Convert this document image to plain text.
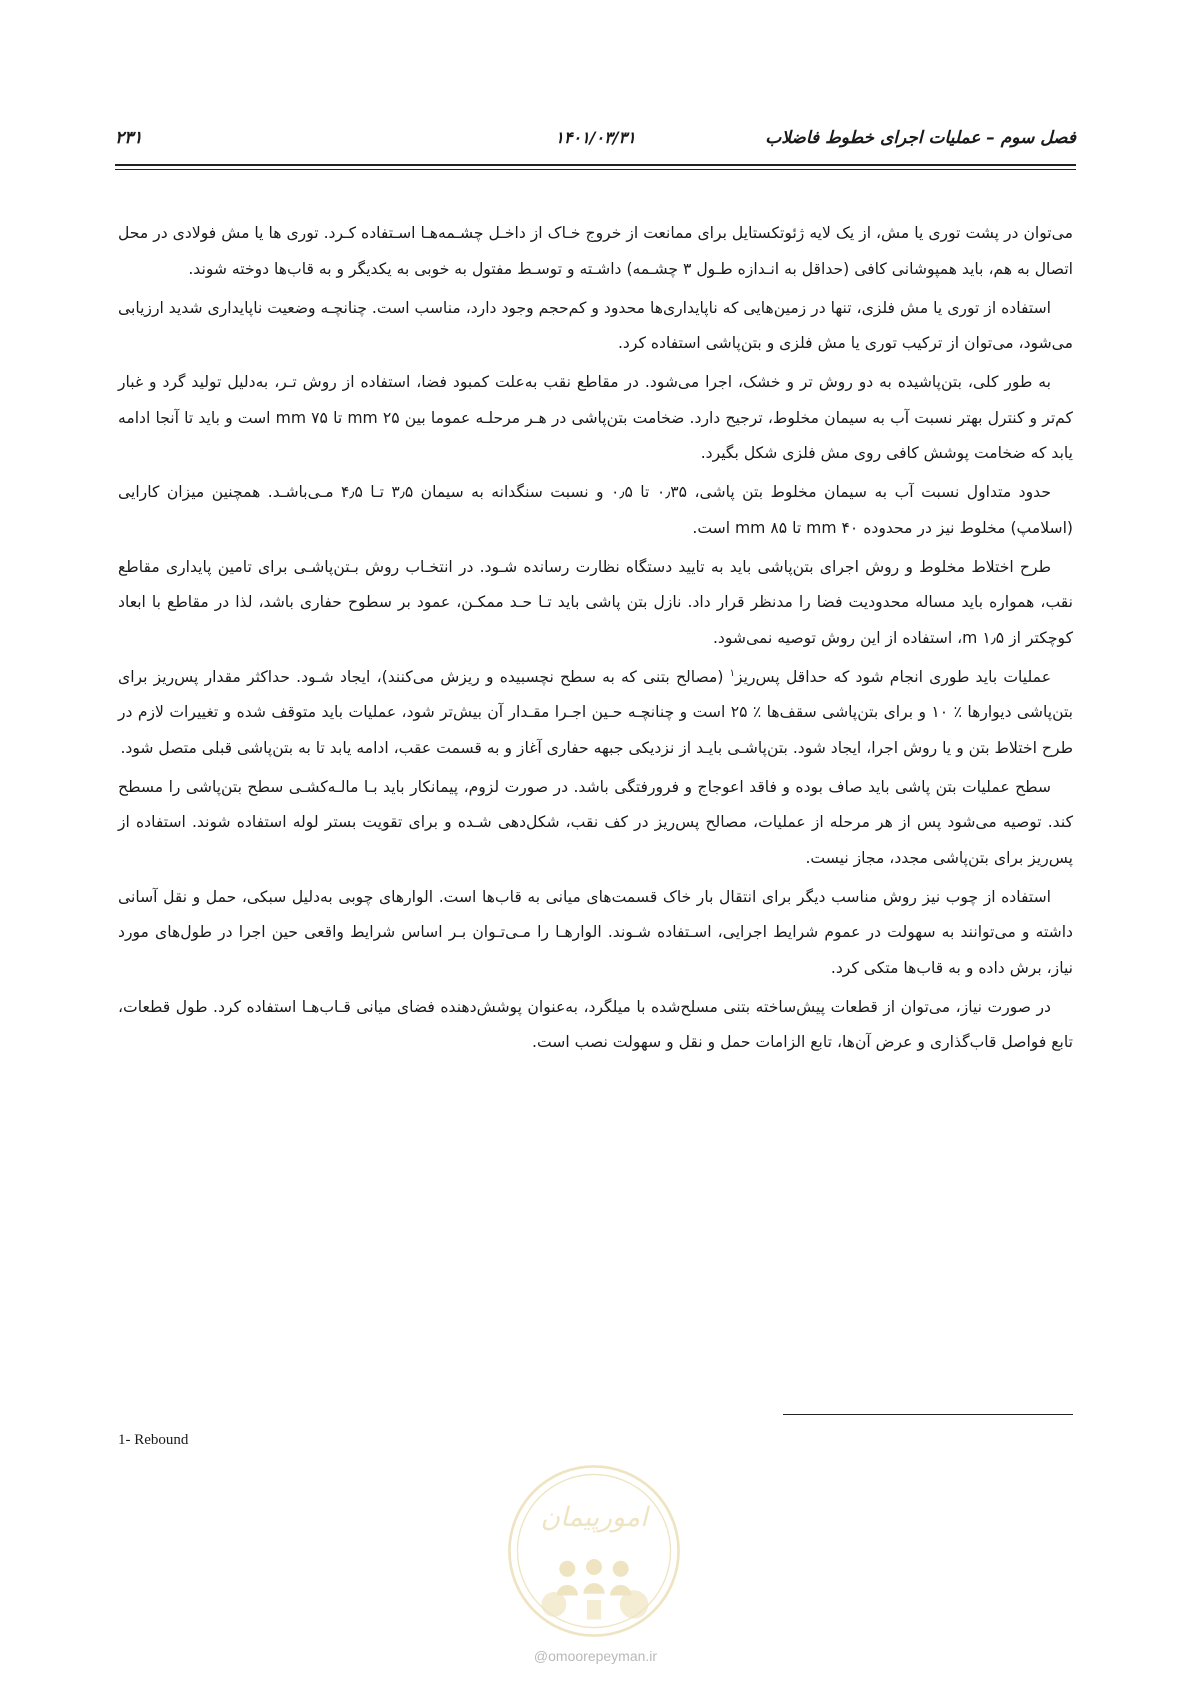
فصل سوم – عملیات اجرای خطوط فاضلاب
۱۴۰۱/۰۳/۳۱
۲۳۱

می‌توان در پشت توری یا مش، از یک لایه ژئوتکستایل برای ممانعت از خروج خـاک از داخـل چشـمه‌هـا اسـتفاده کـرد. توری ها یا مش فولادی در محل اتصال به هم، باید همپوشانی کافی (حداقل به انـدازه طـول ۳ چشـمه) داشـته و توسـط مفتول به خوبی به یکدیگر و به قاب‌ها دوخته شوند.

استفاده از توری یا مش فلزی، تنها در زمین‌هایی که ناپایداری‌ها محدود و کم‌حجم وجود دارد، مناسب است. چنانچـه وضعیت ناپایداری شدید ارزیابی می‌شود، می‌توان از ترکیب توری یا مش فلزی و بتن‌پاشی استفاده کرد.

به طور کلی، بتن‌پاشیده به دو روش تر و خشک، اجرا می‌شود. در مقاطع نقب به‌علت کمبود فضا، استفاده از روش تـر، به‌دلیل تولید گرد و غبار کم‌تر و کنترل بهتر نسبت آب به سیمان مخلوط، ترجیح دارد. ضخامت بتن‌پاشی در هـر مرحلـه عموما بین ۲۵ mm تا ۷۵ mm است و باید تا آنجا ادامه یابد که ضخامت پوشش کافی روی مش فلزی شکل بگیرد.

حدود متداول نسبت آب به سیمان مخلوط بتن پاشی، ۰٫۳۵ تا ۰٫۵ و نسبت سنگدانه به سیمان ۳٫۵ تـا ۴٫۵ مـی‌باشـد. همچنین میزان کارایی (اسلامپ) مخلوط نیز در محدوده ۴۰ mm تا ۸۵ mm است.

طرح اختلاط مخلوط و روش اجرای بتن‌پاشی باید به تایید دستگاه نظارت رسانده شـود. در انتخـاب روش بـتن‌پاشـی برای تامین پایداری مقاطع نقب، همواره باید مساله محدودیت فضا را مدنظر قرار داد. نازل بتن پاشی باید تـا حـد ممکـن، عمود بر سطوح حفاری باشد، لذا در مقاطع با ابعاد کوچکتر از ۱٫۵ m، استفاده از این روش توصیه نمی‌شود.

عملیات باید طوری انجام شود که حداقل پس‌ریز$^۱$ (مصالح بتنی که به سطح نچسبیده و ریزش می‌کنند)، ایجاد شـود. حداکثر مقدار پس‌ریز برای بتن‌پاشی دیوارها ٪ ۱۰ و برای بتن‌پاشی سقف‌ها ٪ ۲۵ است و چنانچـه حـین اجـرا مقـدار آن بیش‌تر شود، عملیات باید متوقف شده و تغییرات لازم در طرح اختلاط بتن و یا روش اجرا، ایجاد شود. بتن‌پاشـی بایـد از نزدیکی جبهه حفاری آغاز و به قسمت عقب، ادامه یابد تا به بتن‌پاشی قبلی متصل شود.

سطح عملیات بتن پاشی باید صاف بوده و فاقد اعوجاج و فرورفتگی باشد. در صورت لزوم، پیمانکار باید بـا مالـه‌کشـی سطح بتن‌پاشی را مسطح کند. توصیه می‌شود پس از هر مرحله از عملیات، مصالح پس‌ریز در کف نقب، شکل‌دهی شـده و برای تقویت بستر لوله استفاده شوند. استفاده از پس‌ریز برای بتن‌پاشی مجدد، مجاز نیست.

استفاده از چوب نیز روش مناسب دیگر برای انتقال بار خاک قسمت‌های میانی به قاب‌ها است. الوارهای چوبی به‌دلیل سبکی، حمل و نقل آسانی داشته و می‌توانند به سهولت در عموم شرایط اجرایی، اسـتفاده شـوند. الوارهـا را مـی‌تـوان بـر اساس شرایط واقعی حین اجرا در طول‌های مورد نیاز، برش داده و به قاب‌ها متکی کرد.

در صورت نیاز، می‌توان از قطعات پیش‌ساخته بتنی مسلح‌شده با میلگرد، به‌عنوان پوشش‌دهنده فضای میانی قـاب‌هـا استفاده کرد. طول قطعات، تابع فواصل قاب‌گذاری و عرض آن‌ها، تابع الزامات حمل و نقل و سهولت نصب است.

1- Rebound
امورپیمان
@omoorepeyman.ir
